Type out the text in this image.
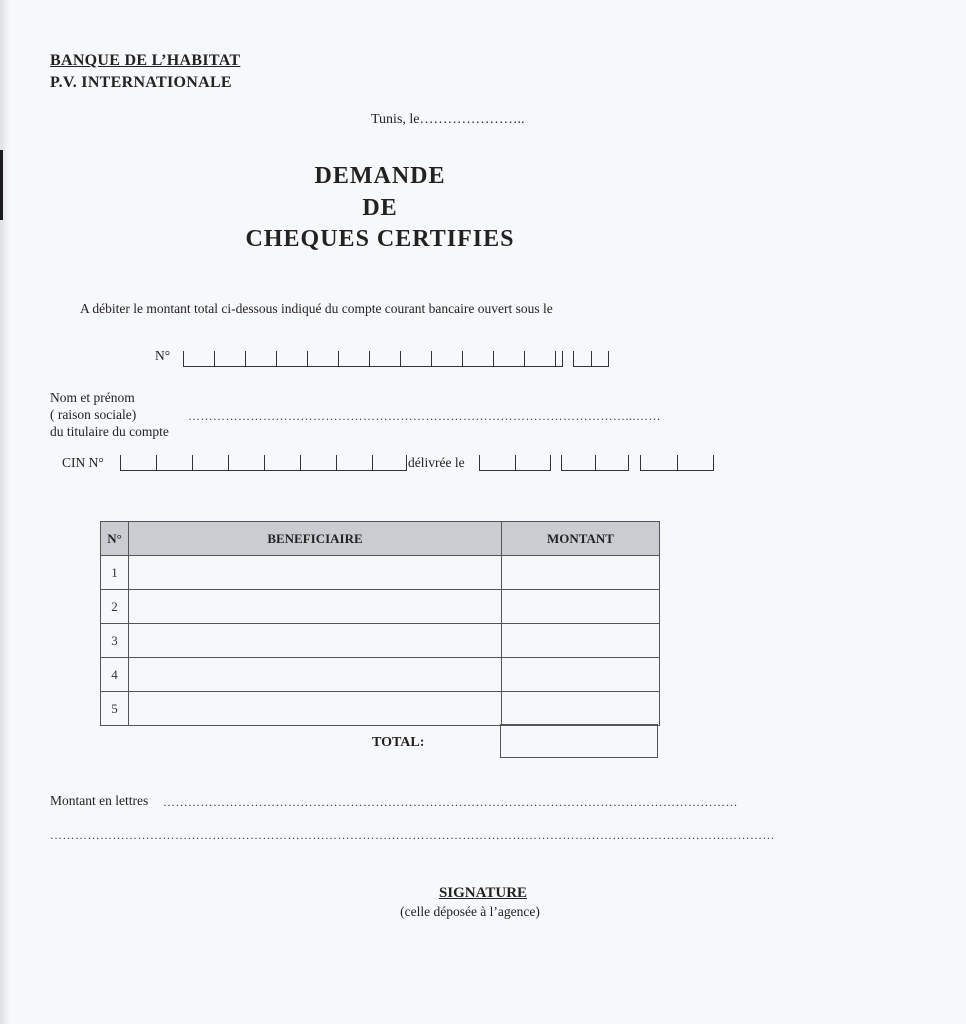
BANQUE DE L’HABITAT
P.V. INTERNATIONALE
Tunis, le…………………..
DEMANDE
DE
CHEQUES CERTIFIES
A débiter le montant total ci-dessous indiqué du compte courant bancaire ouvert sous le
N°
Nom et prénom
( raison sociale)
du titulaire du compte
……………………………………………………………………………………………...……
CIN N°	délivrée le
N°	BENEFICIAIRE	MONTANT
1		
2		
3		
4		
5		
TOTAL:
Montant en lettres …………………………………………………………………………………………………………………………
…………………………………………………………………………………………………………………………………………………………
SIGNATURE
(celle déposée à l’agence)
